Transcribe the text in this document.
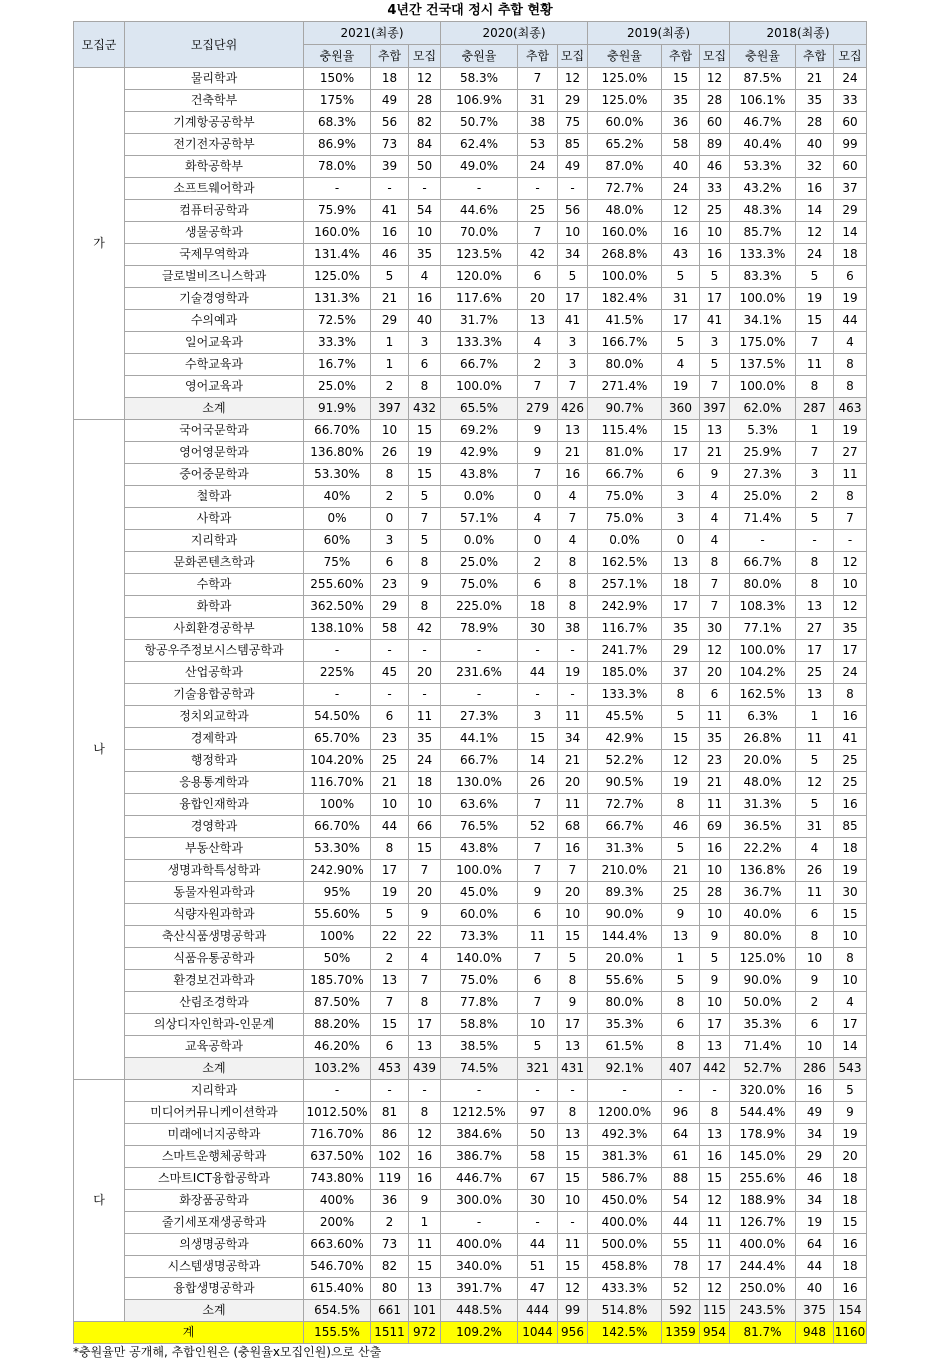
4년간 건국대 정시 추합 현황
모집군	모집단위	2021(최종)			2020(최종)			2019(최종)			2018(최종)		
		충원율	추합	모집	충원율	추합	모집	충원율	추합	모집	충원율	추합	모집
가	물리학과	150%	18	12	58.3%	7	12	125.0%	15	12	87.5%	21	24
	건축학부	175%	49	28	106.9%	31	29	125.0%	35	28	106.1%	35	33
	기계항공공학부	68.3%	56	82	50.7%	38	75	60.0%	36	60	46.7%	28	60
	전기전자공학부	86.9%	73	84	62.4%	53	85	65.2%	58	89	40.4%	40	99
	화학공학부	78.0%	39	50	49.0%	24	49	87.0%	40	46	53.3%	32	60
	소프트웨어학과	-	-	-	-	-	-	72.7%	24	33	43.2%	16	37
	컴퓨터공학과	75.9%	41	54	44.6%	25	56	48.0%	12	25	48.3%	14	29
	생물공학과	160.0%	16	10	70.0%	7	10	160.0%	16	10	85.7%	12	14
	국제무역학과	131.4%	46	35	123.5%	42	34	268.8%	43	16	133.3%	24	18
	글로벌비즈니스학과	125.0%	5	4	120.0%	6	5	100.0%	5	5	83.3%	5	6
	기술경영학과	131.3%	21	16	117.6%	20	17	182.4%	31	17	100.0%	19	19
	수의예과	72.5%	29	40	31.7%	13	41	41.5%	17	41	34.1%	15	44
	일어교육과	33.3%	1	3	133.3%	4	3	166.7%	5	3	175.0%	7	4
	수학교육과	16.7%	1	6	66.7%	2	3	80.0%	4	5	137.5%	11	8
	영어교육과	25.0%	2	8	100.0%	7	7	271.4%	19	7	100.0%	8	8
	소계	91.9%	397	432	65.5%	279	426	90.7%	360	397	62.0%	287	463
나	국어국문학과	66.70%	10	15	69.2%	9	13	115.4%	15	13	5.3%	1	19
	영어영문학과	136.80%	26	19	42.9%	9	21	81.0%	17	21	25.9%	7	27
	중어중문학과	53.30%	8	15	43.8%	7	16	66.7%	6	9	27.3%	3	11
	철학과	40%	2	5	0.0%	0	4	75.0%	3	4	25.0%	2	8
	사학과	0%	0	7	57.1%	4	7	75.0%	3	4	71.4%	5	7
	지리학과	60%	3	5	0.0%	0	4	0.0%	0	4	-	-	-
	문화콘텐츠학과	75%	6	8	25.0%	2	8	162.5%	13	8	66.7%	8	12
	수학과	255.60%	23	9	75.0%	6	8	257.1%	18	7	80.0%	8	10
	화학과	362.50%	29	8	225.0%	18	8	242.9%	17	7	108.3%	13	12
	사회환경공학부	138.10%	58	42	78.9%	30	38	116.7%	35	30	77.1%	27	35
	항공우주정보시스템공학과	-	-	-	-	-	-	241.7%	29	12	100.0%	17	17
	산업공학과	225%	45	20	231.6%	44	19	185.0%	37	20	104.2%	25	24
	기술융합공학과	-	-	-	-	-	-	133.3%	8	6	162.5%	13	8
	정치외교학과	54.50%	6	11	27.3%	3	11	45.5%	5	11	6.3%	1	16
	경제학과	65.70%	23	35	44.1%	15	34	42.9%	15	35	26.8%	11	41
	행정학과	104.20%	25	24	66.7%	14	21	52.2%	12	23	20.0%	5	25
	응용통계학과	116.70%	21	18	130.0%	26	20	90.5%	19	21	48.0%	12	25
	융합인재학과	100%	10	10	63.6%	7	11	72.7%	8	11	31.3%	5	16
	경영학과	66.70%	44	66	76.5%	52	68	66.7%	46	69	36.5%	31	85
	부동산학과	53.30%	8	15	43.8%	7	16	31.3%	5	16	22.2%	4	18
	생명과학특성학과	242.90%	17	7	100.0%	7	7	210.0%	21	10	136.8%	26	19
	동물자원과학과	95%	19	20	45.0%	9	20	89.3%	25	28	36.7%	11	30
	식량자원과학과	55.60%	5	9	60.0%	6	10	90.0%	9	10	40.0%	6	15
	축산식품생명공학과	100%	22	22	73.3%	11	15	144.4%	13	9	80.0%	8	10
	식품유통공학과	50%	2	4	140.0%	7	5	20.0%	1	5	125.0%	10	8
	환경보건과학과	185.70%	13	7	75.0%	6	8	55.6%	5	9	90.0%	9	10
	산림조경학과	87.50%	7	8	77.8%	7	9	80.0%	8	10	50.0%	2	4
	의상디자인학과-인문계	88.20%	15	17	58.8%	10	17	35.3%	6	17	35.3%	6	17
	교육공학과	46.20%	6	13	38.5%	5	13	61.5%	8	13	71.4%	10	14
	소계	103.2%	453	439	74.5%	321	431	92.1%	407	442	52.7%	286	543
다	지리학과	-	-	-	-	-	-	-	-	-	320.0%	16	5
	미디어커뮤니케이션학과	1012.50%	81	8	1212.5%	97	8	1200.0%	96	8	544.4%	49	9
	미래에너지공학과	716.70%	86	12	384.6%	50	13	492.3%	64	13	178.9%	34	19
	스마트운행체공학과	637.50%	102	16	386.7%	58	15	381.3%	61	16	145.0%	29	20
	스마트ICT융합공학과	743.80%	119	16	446.7%	67	15	586.7%	88	15	255.6%	46	18
	화장품공학과	400%	36	9	300.0%	30	10	450.0%	54	12	188.9%	34	18
	줄기세포재생공학과	200%	2	1	-	-	-	400.0%	44	11	126.7%	19	15
	의생명공학과	663.60%	73	11	400.0%	44	11	500.0%	55	11	400.0%	64	16
	시스템생명공학과	546.70%	82	15	340.0%	51	15	458.8%	78	17	244.4%	44	18
	융합생명공학과	615.40%	80	13	391.7%	47	12	433.3%	52	12	250.0%	40	16
	소계	654.5%	661	101	448.5%	444	99	514.8%	592	115	243.5%	375	154
계		155.5%	1511	972	109.2%	1044	956	142.5%	1359	954	81.7%	948	1160
*충원율만 공개해, 추합인원은 (충원율x모집인원)으로 산출
